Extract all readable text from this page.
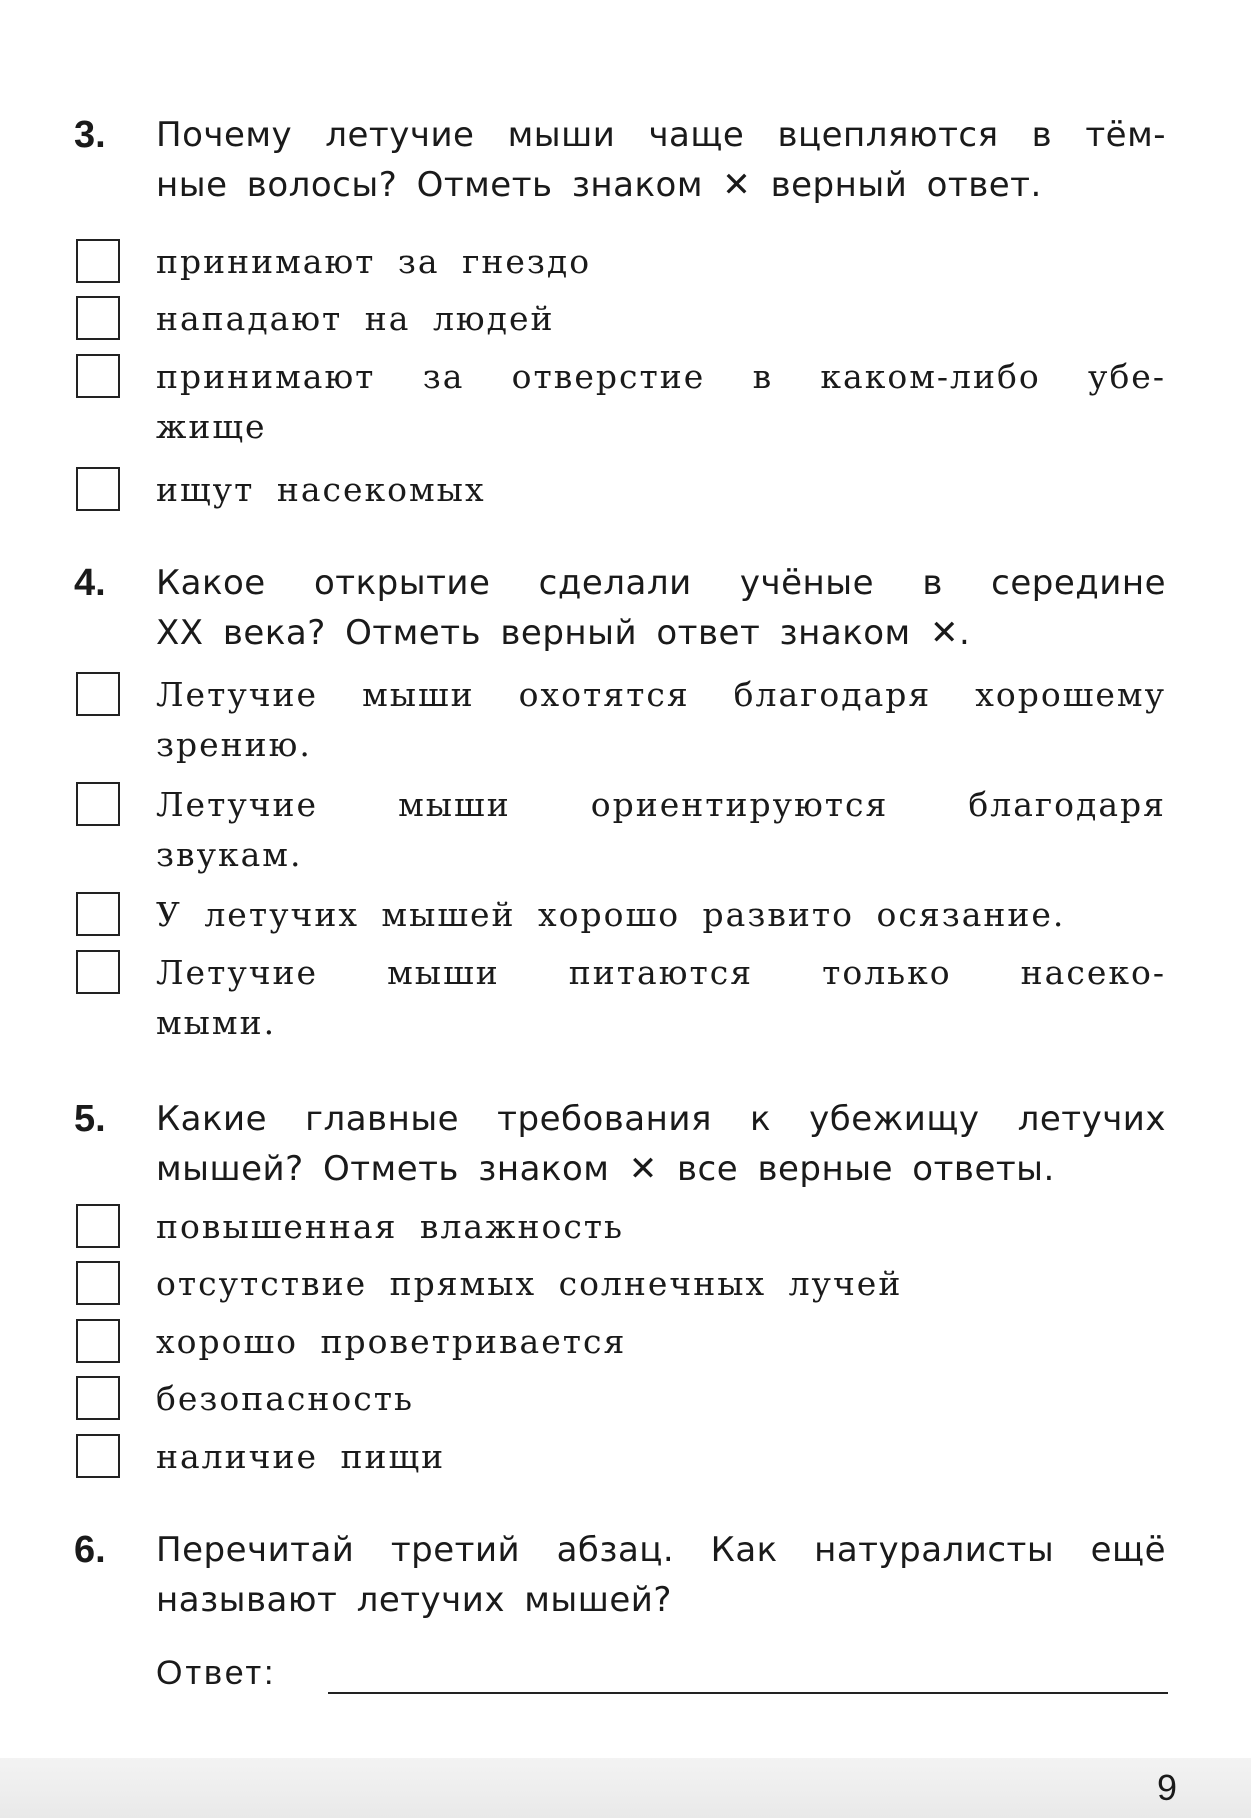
3. Почему летучие мыши чаще вцепляются в тём-
ные волосы? Отметь знаком ✕ верный ответ.
принимают за гнездо
нападают на людей
принимают за отверстие в каком-либо убе-
жище
ищут насекомых
4. Какое открытие сделали учёные в середине
XX века? Отметь верный ответ знаком ✕.
Летучие мыши охотятся благодаря хорошему
зрению.
Летучие мыши ориентируются благодаря
звукам.
У летучих мышей хорошо развито осязание.
Летучие мыши питаются только насеко-
мыми.
5. Какие главные требования к убежищу летучих
мышей? Отметь знаком ✕ все верные ответы.
повышенная влажность
отсутствие прямых солнечных лучей
хорошо проветривается
безопасность
наличие пищи
6. Перечитай третий абзац. Как натуралисты ещё
называют летучих мышей?
Ответ:
9
